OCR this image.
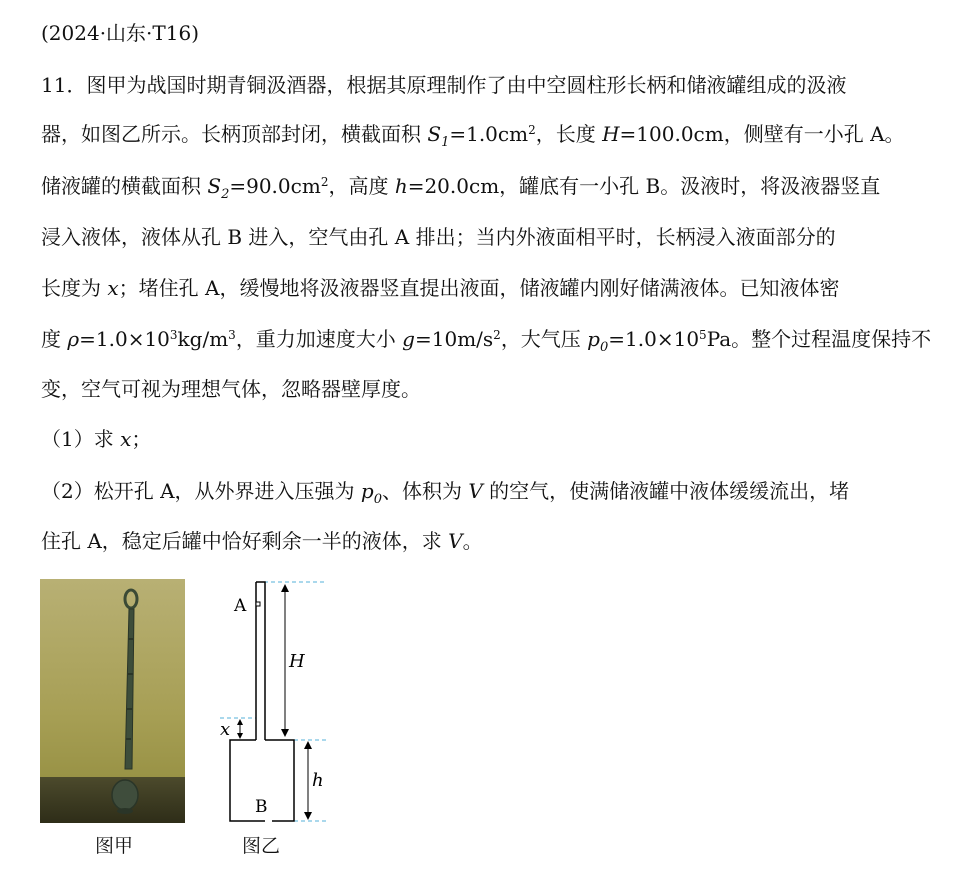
(2024·山东·T16)
11．图甲为战国时期青铜汲酒器，根据其原理制作了由中空圆柱形长柄和储液罐组成的汲液
器，如图乙所示。长柄顶部封闭，横截面积 $S_1=1.0cm^2$，长度 H=100.0cm，侧壁有一小孔 A。
储液罐的横截面积 $S_2=90.0cm^2$，高度 h=20.0cm，罐底有一小孔 B。汲液时，将汲液器竖直
浸入液体，液体从孔 B 进入，空气由孔 A 排出；当内外液面相平时，长柄浸入液面部分的
长度为 x；堵住孔 A，缓慢地将汲液器竖直提出液面，储液罐内刚好储满液体。已知液体密
度 $\rho=1.0\times 10^3kg/m^3$，重力加速度大小 $g=10m/s^2$，大气压 $p_0=1.0\times 10^5Pa$。整个过程温度保持不
变，空气可视为理想气体，忽略器壁厚度。
（1）求 x；
（2）松开孔 A，从外界进入压强为 $p_0$、体积为 V 的空气，使满储液罐中液体缓缓流出，堵
住孔 A，稳定后罐中恰好剩余一半的液体，求 V。
图甲
A
H
x
h
B
图乙
